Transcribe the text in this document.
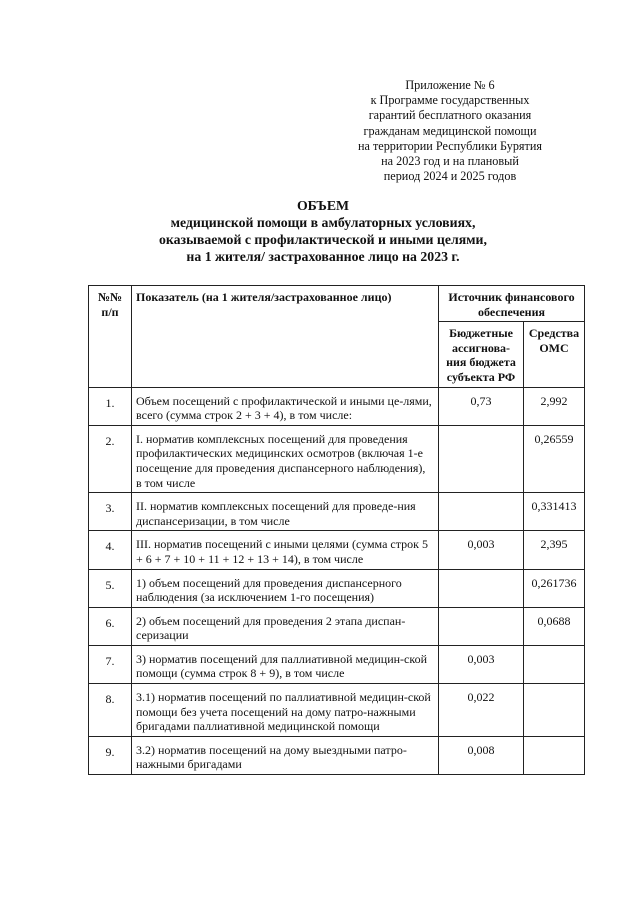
Приложение № 6
к Программе государственных
гарантий бесплатного оказания
гражданам медицинской помощи
на территории Республики Бурятия
на 2023 год и на плановый
период 2024 и 2025 годов
ОБЪЕМ
медицинской помощи в амбулаторных условиях,
оказываемой с профилактической и иными целями,
на 1 жителя/ застрахованное лицо на 2023 г.
№№ п/п	Показатель (на 1 жителя/застрахованное лицо)	Источник финансового обеспечения	
		Бюджетные ассигнова-ния бюджета субъекта РФ	Средства ОМС
1.	Объем посещений с профилактической и иными це-лями, всего (сумма строк 2 + 3 + 4), в том числе:	0,73	2,992
2.	I. норматив комплексных посещений для проведения профилактических медицинских осмотров (включая 1-е посещение для проведения диспансерного наблюдения), в том числе		0,26559
3.	II. норматив комплексных посещений для проведе-ния диспансеризации, в том числе		0,331413
4.	III. норматив посещений с иными целями (сумма строк 5 + 6 + 7 + 10 + 11 + 12 + 13 + 14), в том числе	0,003	2,395
5.	1) объем посещений для проведения диспансерного наблюдения (за исключением 1-го посещения)		0,261736
6.	2) объем посещений для проведения 2 этапа диспан-серизации		0,0688
7.	3) норматив посещений для паллиативной медицин-ской помощи (сумма строк 8 + 9), в том числе	0,003	
8.	3.1) норматив посещений по паллиативной медицин-ской помощи без учета посещений на дому патро-нажными бригадами паллиативной медицинской помощи	0,022	
9.	3.2) норматив посещений на дому выездными патро-нажными бригадами	0,008	
